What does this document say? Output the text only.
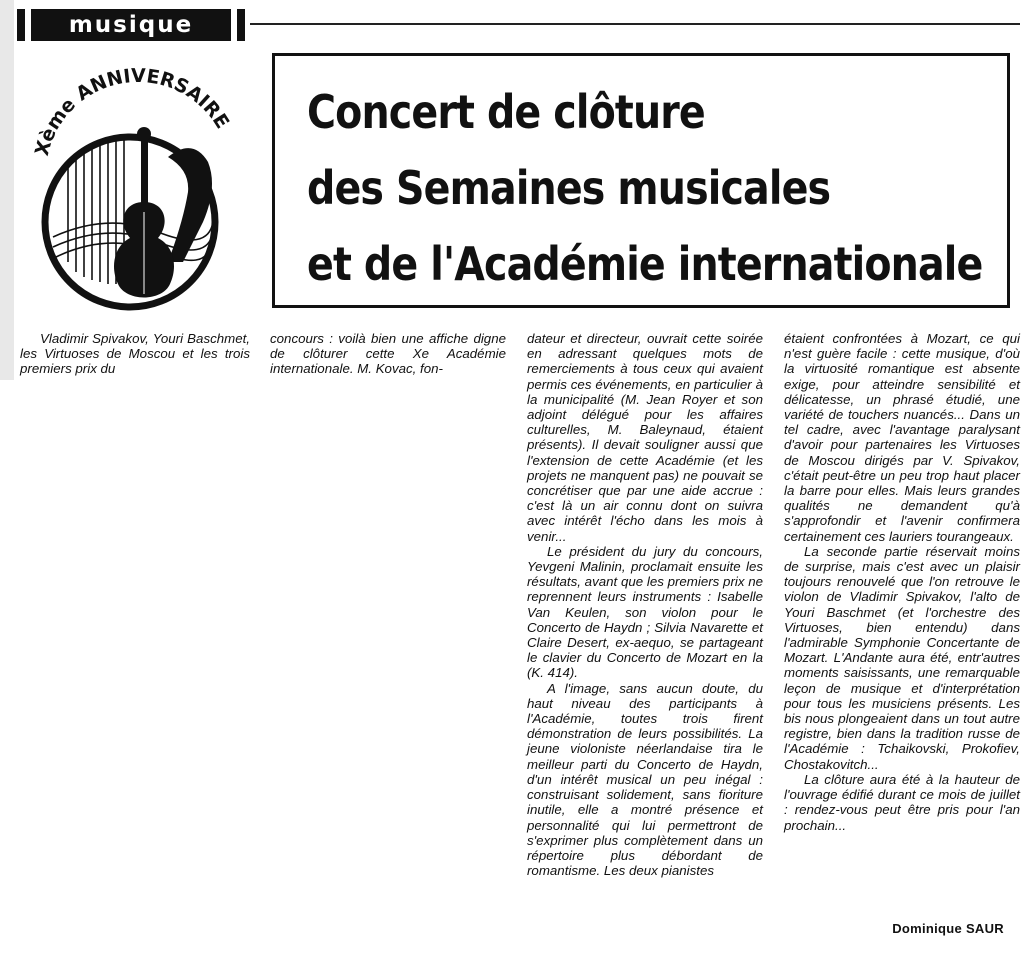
musique
Xème ANNIVERSAIRE Concert de clôture
des Semaines musicales
et de l'Académie internationale

Vladimir Spivakov, Youri Baschmet, les Virtuoses de Moscou et les trois premiers prix du

concours : voilà bien une affiche digne de clôturer cette Xe Académie internationale. M. Kovac, fon-

dateur et directeur, ouvrait cette soirée en adressant quelques mots de remerciements à tous ceux qui avaient permis ces événements, en particulier à la municipalité (M. Jean Royer et son adjoint délégué pour les affaires culturelles, M. Baleynaud, étaient présents). Il devait souligner aussi que l'extension de cette Académie (et les projets ne manquent pas) ne pouvait se concrétiser que par une aide accrue : c'est là un air connu dont on suivra avec intérêt l'écho dans les mois à venir...

Le président du jury du concours, Yevgeni Malinin, proclamait ensuite les résultats, avant que les premiers prix ne reprennent leurs instruments : Isabelle Van Keulen, son violon pour le Concerto de Haydn ; Silvia Navarette et Claire Desert, ex-aequo, se partageant le clavier du Concerto de Mozart en la (K. 414).

A l'image, sans aucun doute, du haut niveau des participants à l'Académie, toutes trois firent démonstration de leurs possibilités. La jeune violoniste néerlandaise tira le meilleur parti du Concerto de Haydn, d'un intérêt musical un peu inégal : construisant solidement, sans fioriture inutile, elle a montré présence et personnalité qui lui permettront de s'exprimer plus complètement dans un répertoire plus débordant de romantisme. Les deux pianistes

étaient confrontées à Mozart, ce qui n'est guère facile : cette musique, d'où la virtuosité romantique est absente exige, pour atteindre sensibilité et délicatesse, un phrasé étudié, une variété de touchers nuancés... Dans un tel cadre, avec l'avantage paralysant d'avoir pour partenaires les Virtuoses de Moscou dirigés par V. Spivakov, c'était peut-être un peu trop haut placer la barre pour elles. Mais leurs grandes qualités ne demandent qu'à s'approfondir et l'avenir confirmera certainement ces lauriers tourangeaux.

La seconde partie réservait moins de surprise, mais c'est avec un plaisir toujours renouvelé que l'on retrouve le violon de Vladimir Spivakov, l'alto de Youri Baschmet (et l'orchestre des Virtuoses, bien entendu) dans l'admirable Symphonie Concertante de Mozart. L'Andante aura été, entr'autres moments saisissants, une remarquable leçon de musique et d'interprétation pour tous les musiciens présents. Les bis nous plongeaient dans un tout autre registre, bien dans la tradition russe de l'Académie : Tchaikovski, Prokofiev, Chostakovitch...

La clôture aura été à la hauteur de l'ouvrage édifié durant ce mois de juillet : rendez-vous peut être pris pour l'an prochain...

Dominique SAUR
